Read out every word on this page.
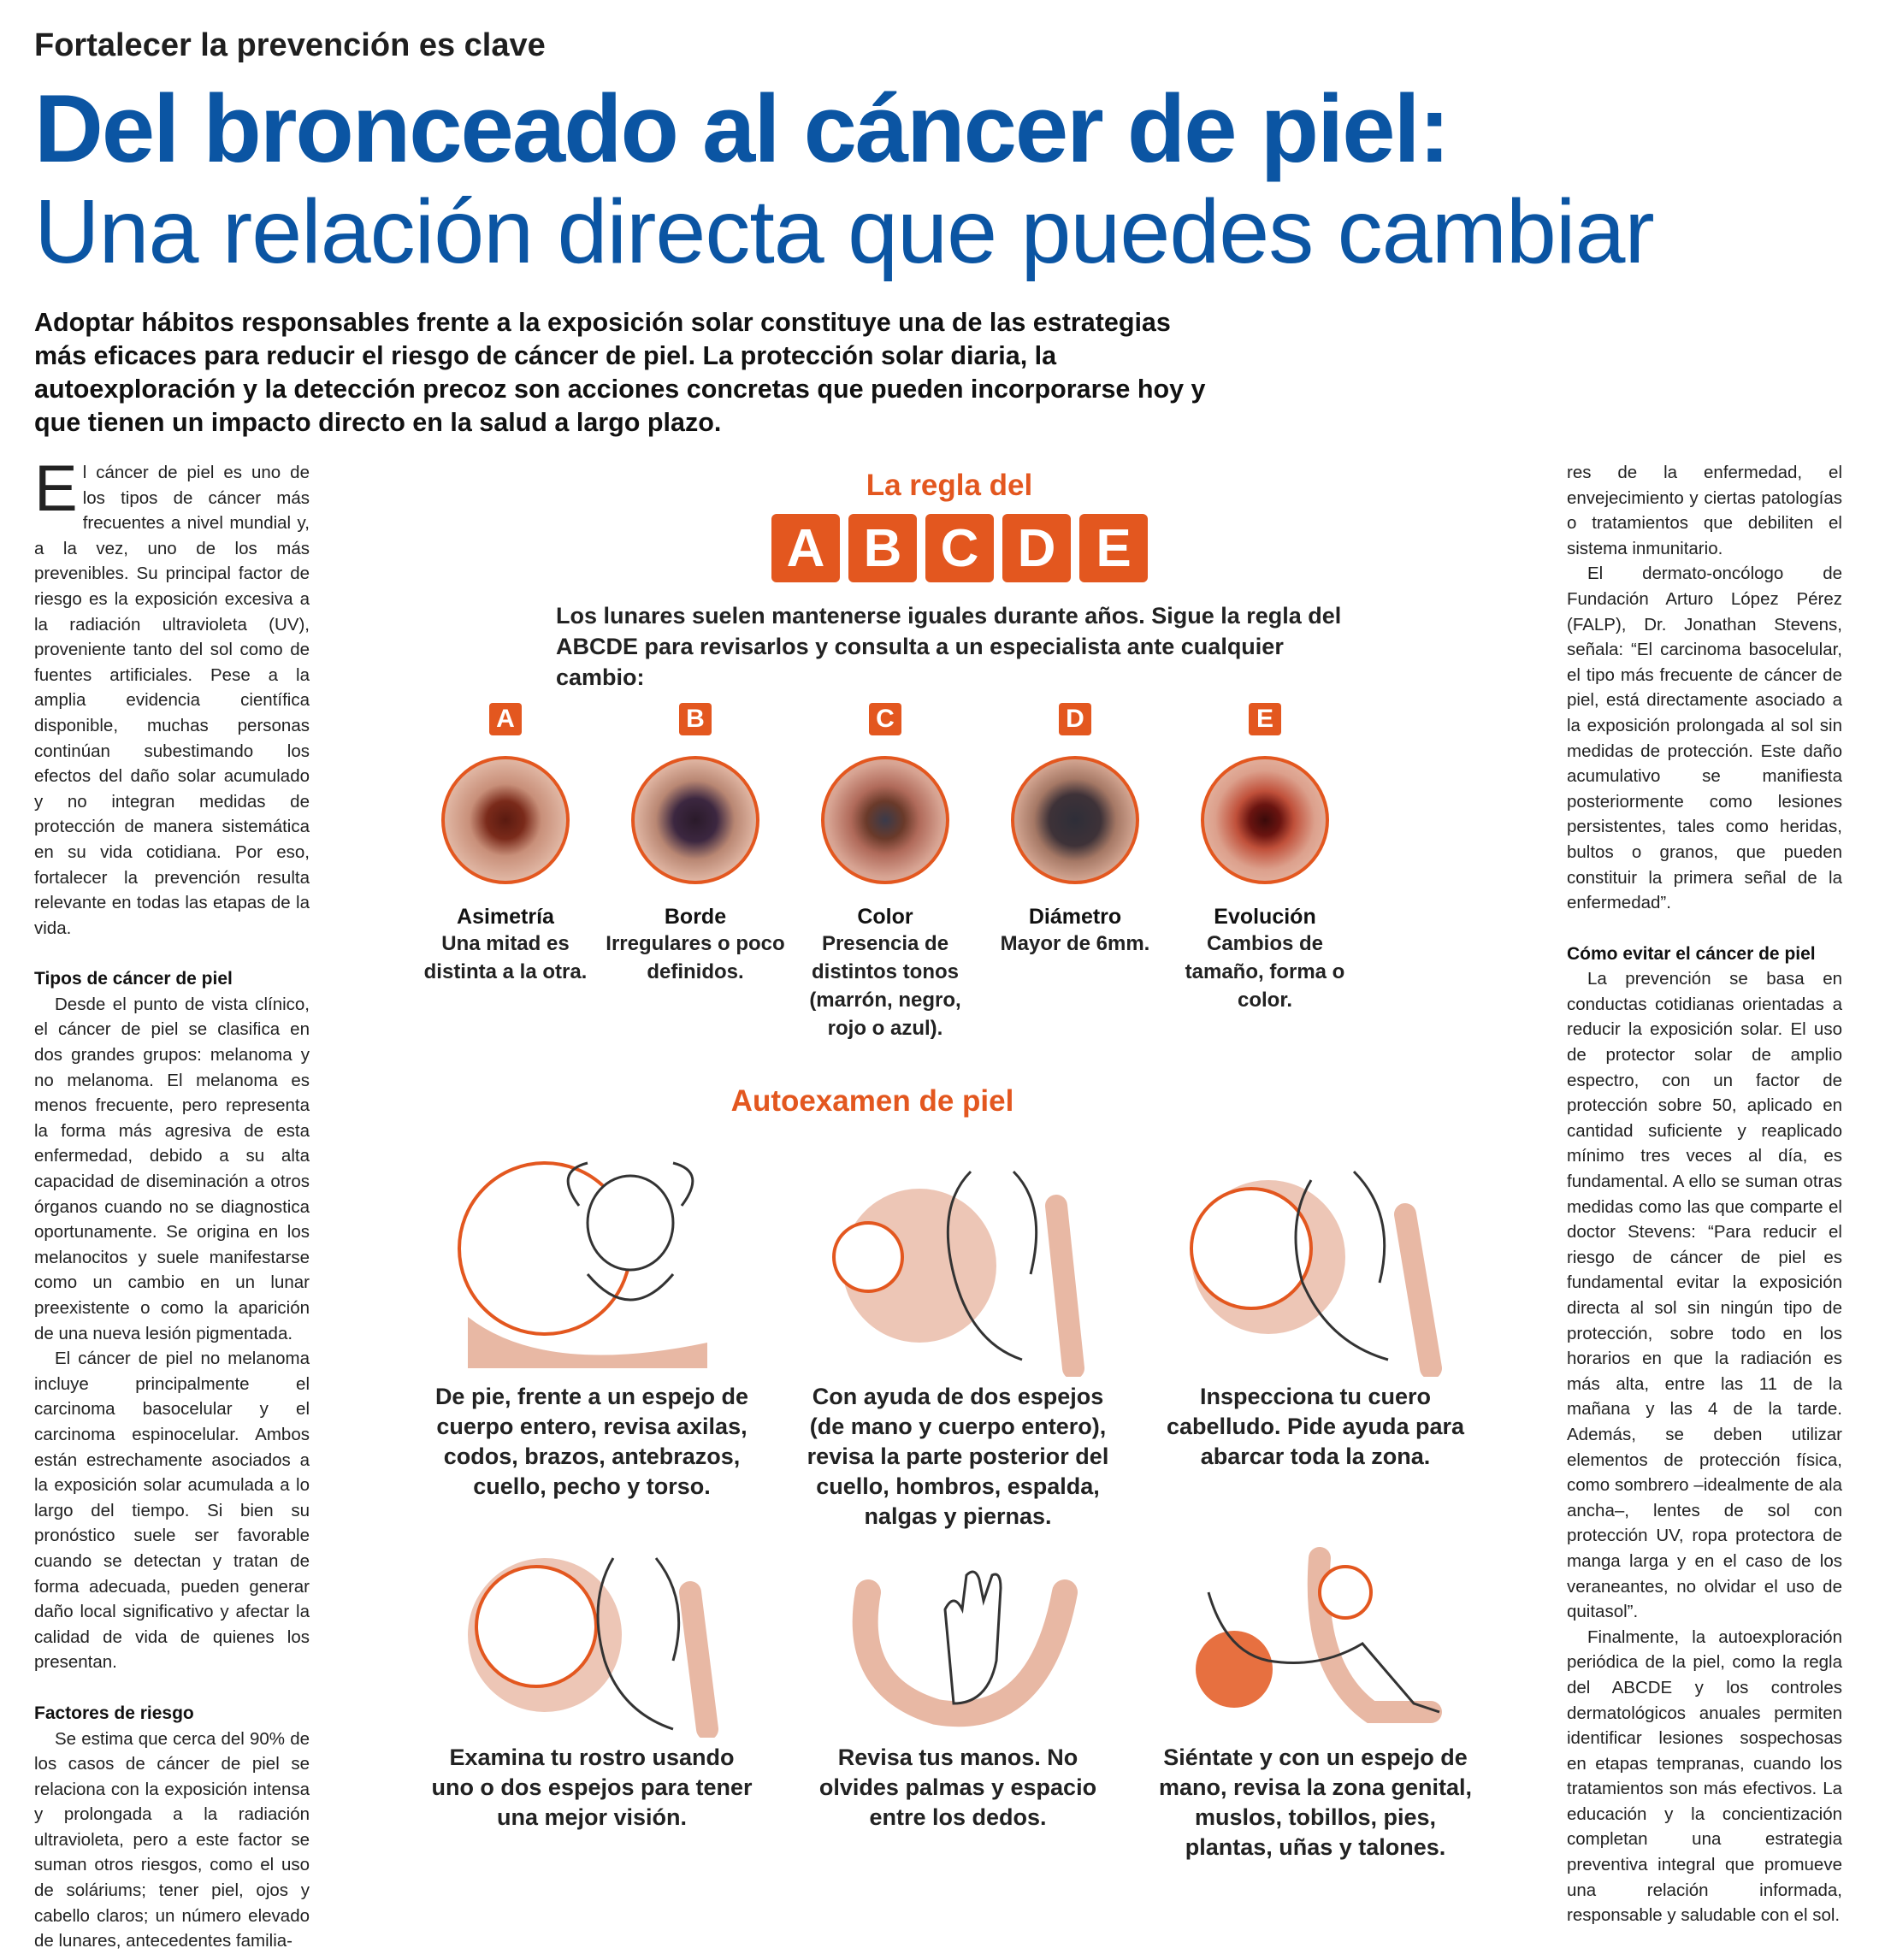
Fortalecer la prevención es clave
Del bronceado al cáncer de piel:
Una relación directa que puedes cambiar
Adoptar hábitos responsables frente a la exposición solar constituye una de las estrategias más eficaces para reducir el riesgo de cáncer de piel. La protección solar diaria, la autoexploración y la detección precoz son acciones concretas que pueden incorporarse hoy y que tienen un impacto directo en la salud a largo plazo.

El cáncer de piel es uno de los tipos de cáncer más frecuentes a nivel mundial y, a la vez, uno de los más prevenibles. Su principal factor de riesgo es la exposición excesiva a la radiación ultravioleta (UV), proveniente tanto del sol como de fuentes artificiales. Pese a la amplia evidencia científica disponible, muchas personas continúan subestimando los efectos del daño solar acumulado y no integran medidas de protección de manera sistemática en su vida cotidiana. Por eso, fortalecer la prevención resulta relevante en todas las etapas de la vida.

Tipos de cáncer de piel

Desde el punto de vista clínico, el cáncer de piel se clasifica en dos grandes grupos: melanoma y no melanoma. El melanoma es menos frecuente, pero representa la forma más agresiva de esta enfermedad, debido a su alta capacidad de diseminación a otros órganos cuando no se diagnostica oportunamente. Se origina en los melanocitos y suele manifestarse como un cambio en un lunar preexistente o como la aparición de una nueva lesión pigmentada.

El cáncer de piel no melanoma incluye principalmente el carcinoma basocelular y el carcinoma espinocelular. Ambos están estrechamente asociados a la exposición solar acumulada a lo largo del tiempo. Si bien su pronóstico suele ser favorable cuando se detectan y tratan de forma adecuada, pueden generar daño local significativo y afectar la calidad de vida de quienes los presentan.

Factores de riesgo

Se estima que cerca del 90% de los casos de cáncer de piel se relaciona con la exposición intensa y prolongada a la radiación ultravioleta, pero a este factor se suman otros riesgos, como el uso de soláriums; tener piel, ojos y cabello claros; un número elevado de lunares, antecedentes familia-

res de la enfermedad, el envejecimiento y ciertas patologías o tratamientos que debiliten el sistema inmunitario.

El dermato-oncólogo de Fundación Arturo López Pérez (FALP), Dr. Jonathan Stevens, señala: “El carcinoma basocelular, el tipo más frecuente de cáncer de piel, está directamente asociado a la exposición prolongada al sol sin medidas de protección. Este daño acumulativo se manifiesta posteriormente como lesiones persistentes, tales como heridas, bultos o granos, que pueden constituir la primera señal de la enfermedad”.

Cómo evitar el cáncer de piel

La prevención se basa en conductas cotidianas orientadas a reducir la exposición solar. El uso de protector solar de amplio espectro, con un factor de protección sobre 50, aplicado en cantidad suficiente y reaplicado mínimo tres veces al día, es fundamental. A ello se suman otras medidas como las que comparte el doctor Stevens: “Para reducir el riesgo de cáncer de piel es fundamental evitar la exposición directa al sol sin ningún tipo de protección, sobre todo en los horarios en que la radiación es más alta, entre las 11 de la mañana y las 4 de la tarde. Además, se deben utilizar elementos de protección física, como sombrero –idealmente de ala ancha–, lentes de sol con protección UV, ropa protectora de manga larga y en el caso de los veraneantes, no olvidar el uso de quitasol”.

Finalmente, la autoexploración periódica de la piel, como la regla del ABCDE y los controles dermatológicos anuales permiten identificar lesiones sospechosas en etapas tempranas, cuando los tratamientos son más efectivos. La educación y la concientización completan una estrategia preventiva integral que promueve una relación informada, responsable y saludable con el sol.

La regla del
A B C D E
Los lunares suelen mantenerse iguales durante años. Sigue la regla del ABCDE para revisarlos y consulta a un especialista ante cualquier cambio:
A
Asimetría
Una mitad es distinta a la otra.
B
Borde
Irregulares o poco definidos.
C
Color
Presencia de distintos tonos (marrón, negro, rojo o azul).
D
Diámetro
Mayor de 6mm.
E
Evolución
Cambios de tamaño, forma o color.
Autoexamen de piel
De pie, frente a un espejo de cuerpo entero, revisa axilas, codos, brazos, antebrazos, cuello, pecho y torso.
Con ayuda de dos espejos (de mano y cuerpo entero), revisa la parte posterior del cuello, hombros, espalda, nalgas y piernas.
Inspecciona tu cuero cabelludo. Pide ayuda para abarcar toda la zona.
Examina tu rostro usando uno o dos espejos para tener una mejor visión.
Revisa tus manos. No olvides palmas y espacio entre los dedos.
Siéntate y con un espejo de mano, revisa la zona genital, muslos, tobillos, pies, plantas, uñas y talones.
